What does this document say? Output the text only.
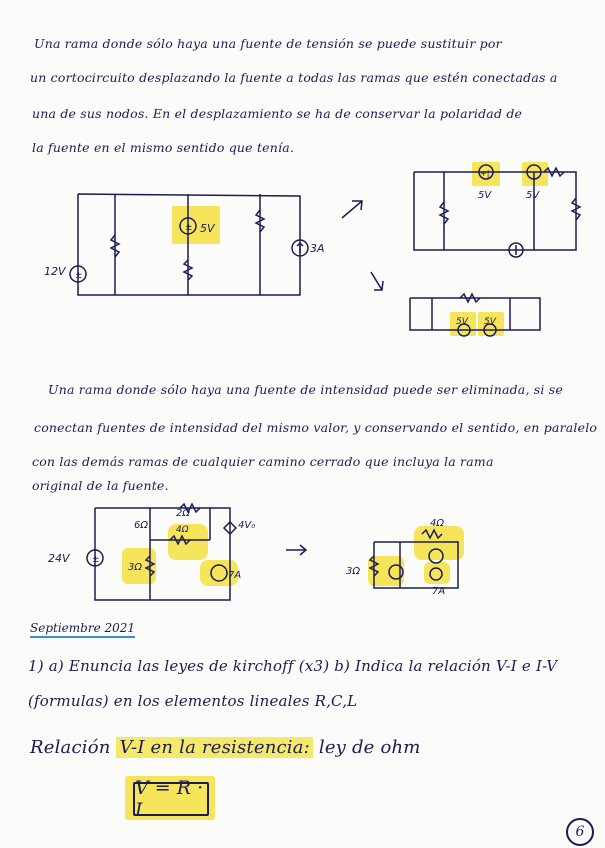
Una rama donde sólo haya una fuente de tensión se puede sustituir por
un cortocircuito desplazando la fuente a todas las ramas que estén conectadas a
una de sus nodos. En el desplazamiento se ha de conservar la polaridad de
la fuente en el mismo sentido que tenía.
±
±
5V
12V
3A
+|
5V	5V
5V 5V
Una rama donde sólo haya una fuente de intensidad puede ser eliminada, si se
conectan fuentes de intensidad del mismo valor, y conservando el sentido, en paralelo
con las demás ramas de cualquier camino cerrado que incluya la rama
original de la fuente.
±
24V
3Ω
6Ω
2Ω
4Ω	4V₀
7A	3Ω
4Ω
7A
Septiembre 2021
1) a) Enuncia las leyes de kirchoff (x3) b) Indica la relación V-I e I-V
(formulas) en los elementos lineales R,C,L
Relación V-I en la resistencia: ley de ohm
V = R · I
6
